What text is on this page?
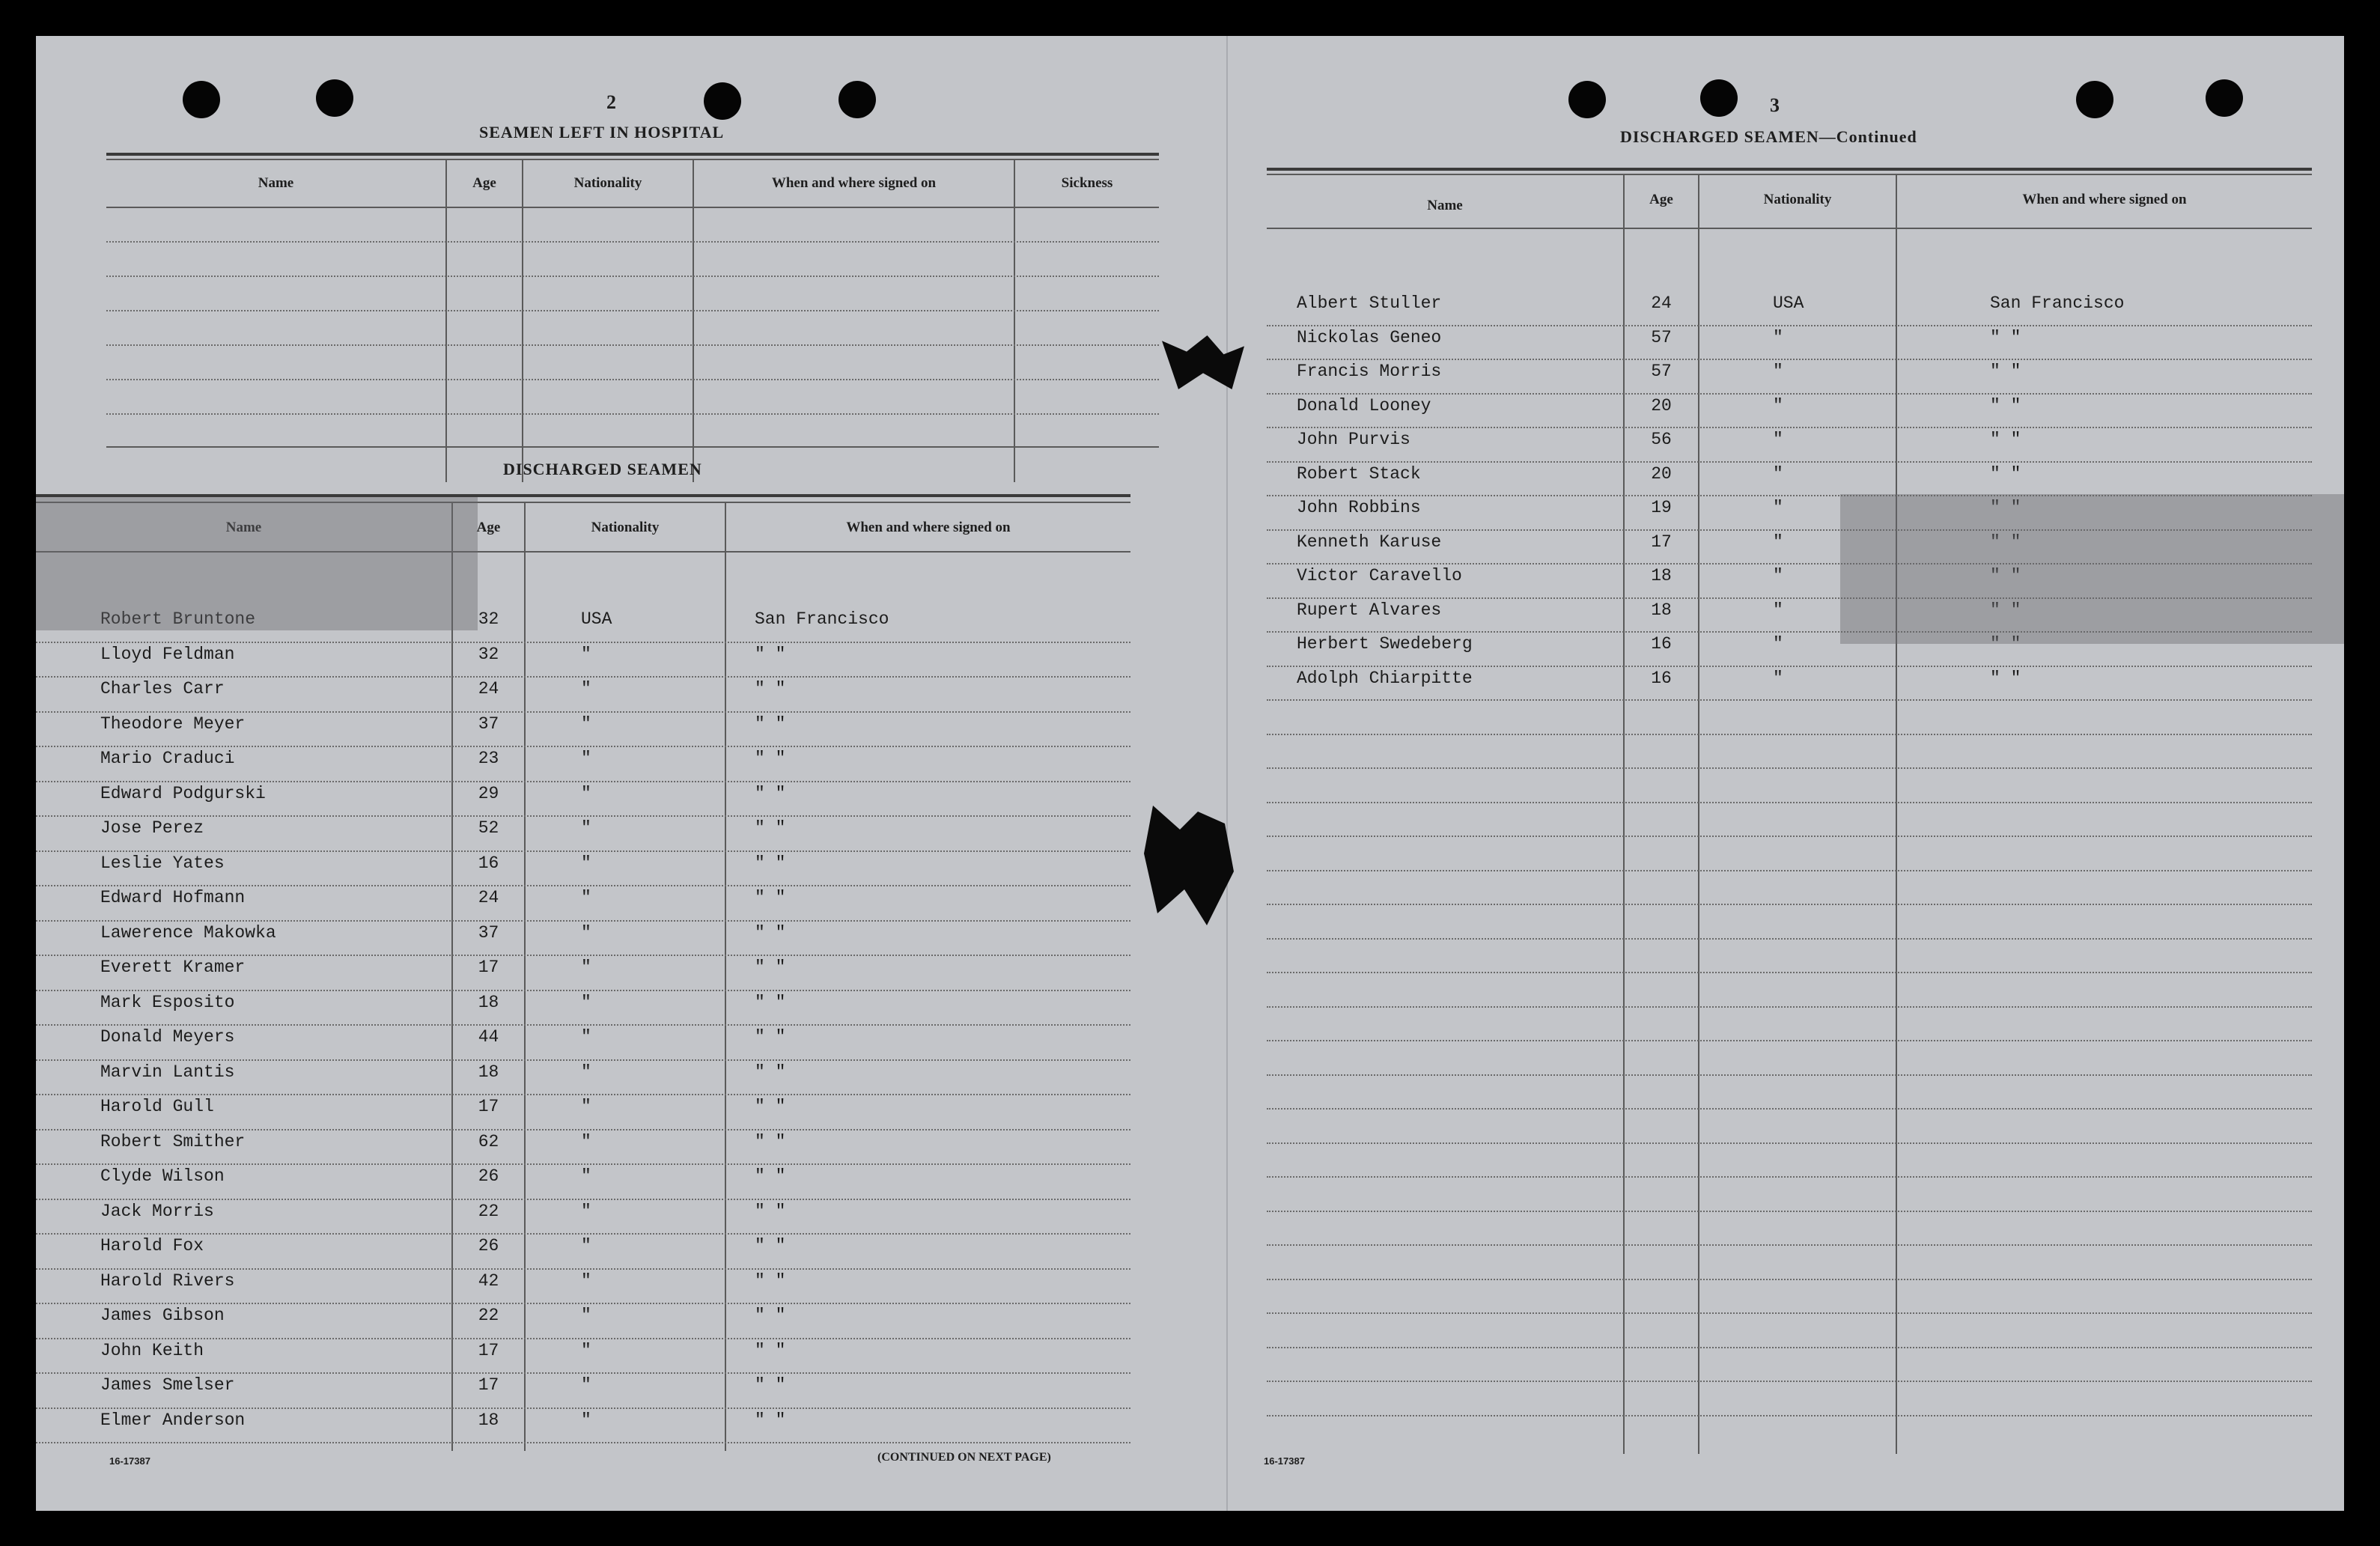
2
SEAMEN LEFT IN HOSPITAL
Name	Age	Nationality	When and where signed on	Sickness
DISCHARGED SEAMEN
Name	Age	Nationality	When and where signed on
Robert Bruntone	32	USA	San Francisco
Lloyd Feldman	32	"	" "
Charles Carr	24	"	" "
Theodore Meyer	37	"	" "
Mario Craduci	23	"	" "
Edward Podgurski	29	"	" "
Jose Perez	52	"	" "
Leslie Yates	16	"	" "
Edward Hofmann	24	"	" "
Lawerence Makowka	37	"	" "
Everett Kramer	17	"	" "
Mark Esposito	18	"	" "
Donald Meyers	44	"	" "
Marvin Lantis	18	"	" "
Harold Gull	17	"	" "
Robert Smither	62	"	" "
Clyde Wilson	26	"	" "
Jack Morris	22	"	" "
Harold Fox	26	"	" "
Harold Rivers	42	"	" "
James Gibson	22	"	" "
John Keith	17	"	" "
James Smelser	17	"	" "
Elmer Anderson	18	"	" "
16-17387	(CONTINUED ON NEXT PAGE)
3
DISCHARGED SEAMEN—Continued
Name	Age	Nationality	When and where signed on
Albert Stuller	24	USA	San Francisco
Nickolas Geneo	57	"	" "
Francis Morris	57	"	" "
Donald Looney	20	"	" "
John Purvis	56	"	" "
Robert Stack	20	"	" "
John Robbins	19	"	" "
Kenneth Karuse	17	"	" "
Victor Caravello	18	"	" "
Rupert Alvares	18	"	" "
Herbert Swedeberg	16	"	" "
Adolph Chiarpitte	16	"	" "
16-17387
